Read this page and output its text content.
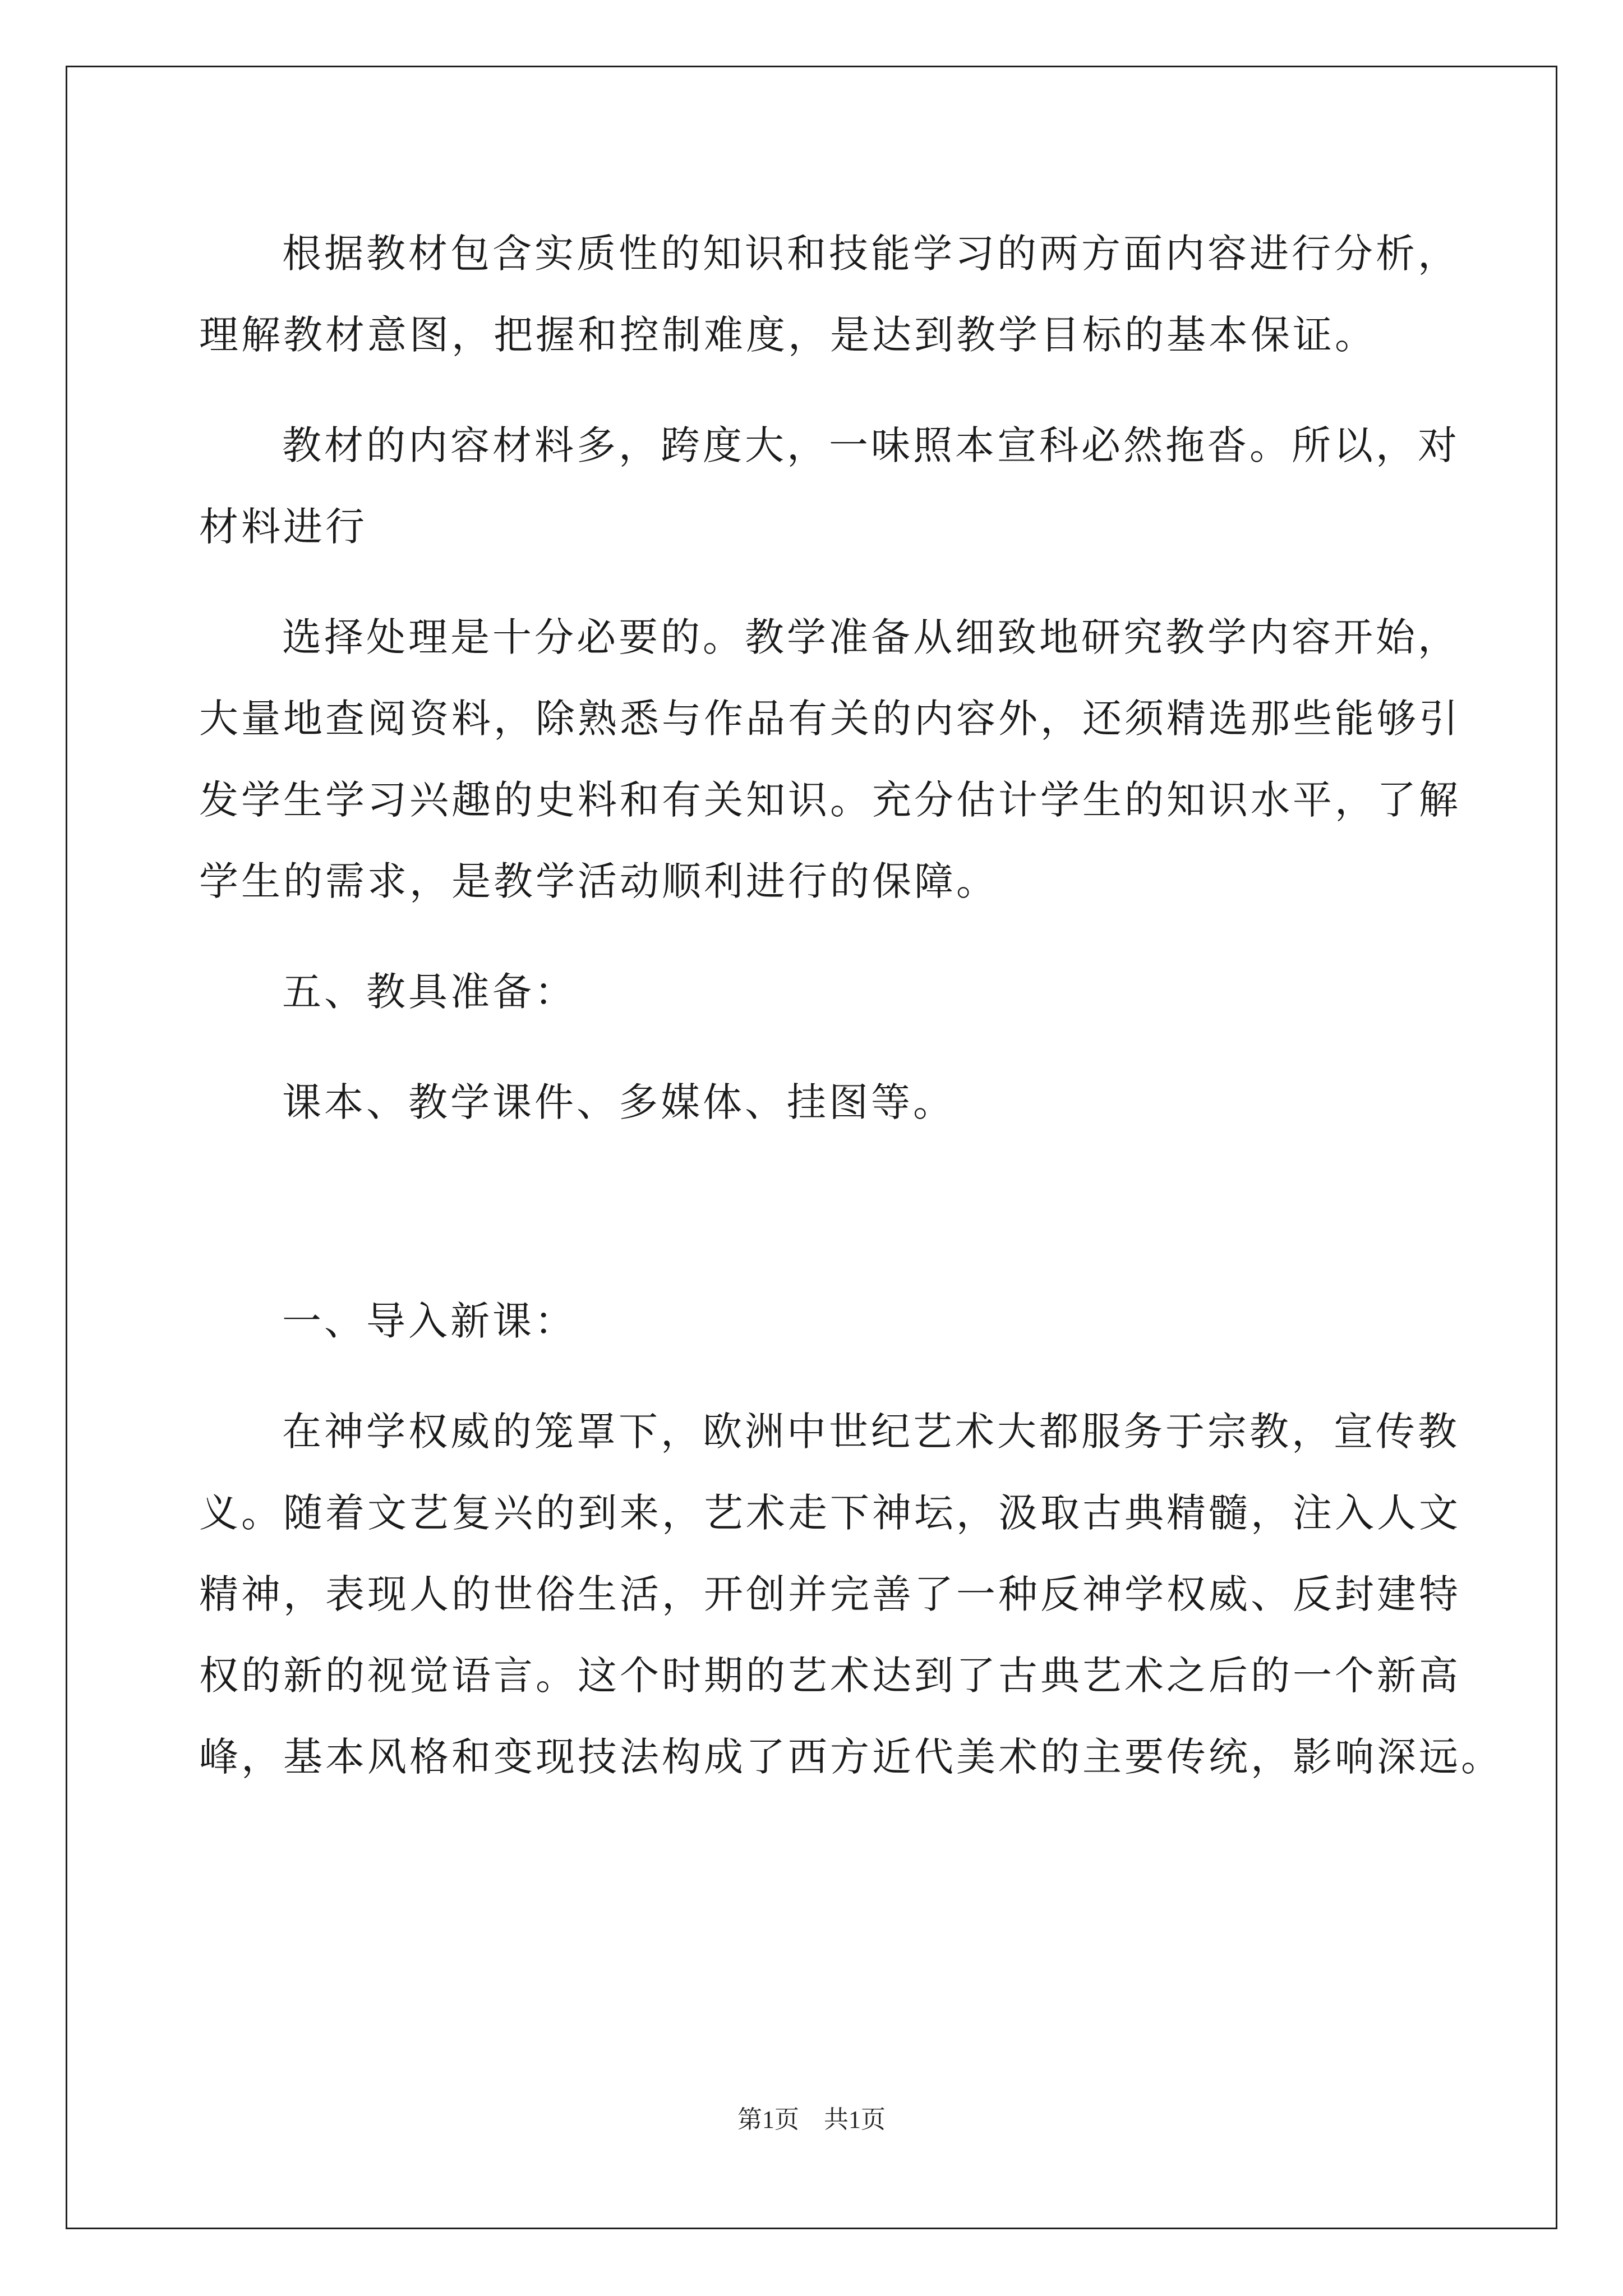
根据教材包含实质性的知识和技能学习的两方面内容进行分析，
理解教材意图，把握和控制难度，是达到教学目标的基本保证。
教材的内容材料多，跨度大，一味照本宣科必然拖沓。所以，对
材料进行
选择处理是十分必要的。教学准备从细致地研究教学内容开始，
大量地查阅资料，除熟悉与作品有关的内容外，还须精选那些能够引
发学生学习兴趣的史料和有关知识。充分估计学生的知识水平，了解
学生的需求，是教学活动顺利进行的保障。
五、教具准备：
课本、教学课件、多媒体、挂图等。
一、导入新课：
在神学权威的笼罩下，欧洲中世纪艺术大都服务于宗教，宣传教
义。随着文艺复兴的到来，艺术走下神坛，汲取古典精髓，注入人文
精神，表现人的世俗生活，开创并完善了一种反神学权威、反封建特
权的新的视觉语言。这个时期的艺术达到了古典艺术之后的一个新高
峰，基本风格和变现技法构成了西方近代美术的主要传统，影响深远。
第1页　共1页
